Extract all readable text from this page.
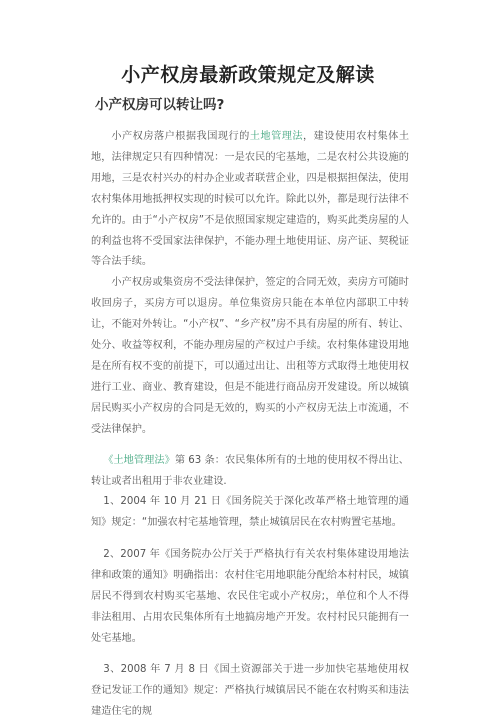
小产权房最新政策规定及解读
小产权房可以转让吗?

小产权房落户根据我国现行的土地管理法，建设使用农村集体土地，法律规定只有四种情况：一是农民的宅基地，二是农村公共设施的用地，三是农村兴办的村办企业或者联营企业，四是根据担保法，使用农村集体用地抵押权实现的时候可以允许。除此以外，都是现行法律不允许的。由于“小产权房”不是依照国家规定建造的，购买此类房屋的人的利益也将不受国家法律保护，不能办理土地使用证、房产证、契税证等合法手续。

小产权房或集资房不受法律保护，签定的合同无效，卖房方可随时收回房子，买房方可以退房。单位集资房只能在本单位内部职工中转让，不能对外转让。“小产权”、“乡产权”房不具有房屋的所有、转让、处分、收益等权利，不能办理房屋的产权过户手续。农村集体建设用地是在所有权不变的前提下，可以通过出让、出租等方式取得土地使用权进行工业、商业、教育建设，但是不能进行商品房开发建设。所以城镇居民购买小产权房的合同是无效的，购买的小产权房无法上市流通，不受法律保护。

《土地管理法》第 63 条：农民集体所有的土地的使用权不得出让、转让或者出租用于非农业建设.

1、2004 年 10 月 21 日《国务院关于深化改革严格土地管理的通知》规定：“加强农村宅基地管理，禁止城镇居民在农村购置宅基地。

2、2007 年《国务院办公厅关于严格执行有关农村集体建设用地法律和政策的通知》明确指出：农村住宅用地职能分配给本村村民，城镇居民不得到农村购买宅基地、农民住宅或小产权房;，单位和个人不得非法租用、占用农民集体所有土地搞房地产开发。农村村民只能拥有一处宅基地。

3、2008 年 7 月 8 日《国土资源部关于进一步加快宅基地使用权登记发证工作的通知》规定：严格执行城镇居民不能在农村购买和违法建造住宅的规
